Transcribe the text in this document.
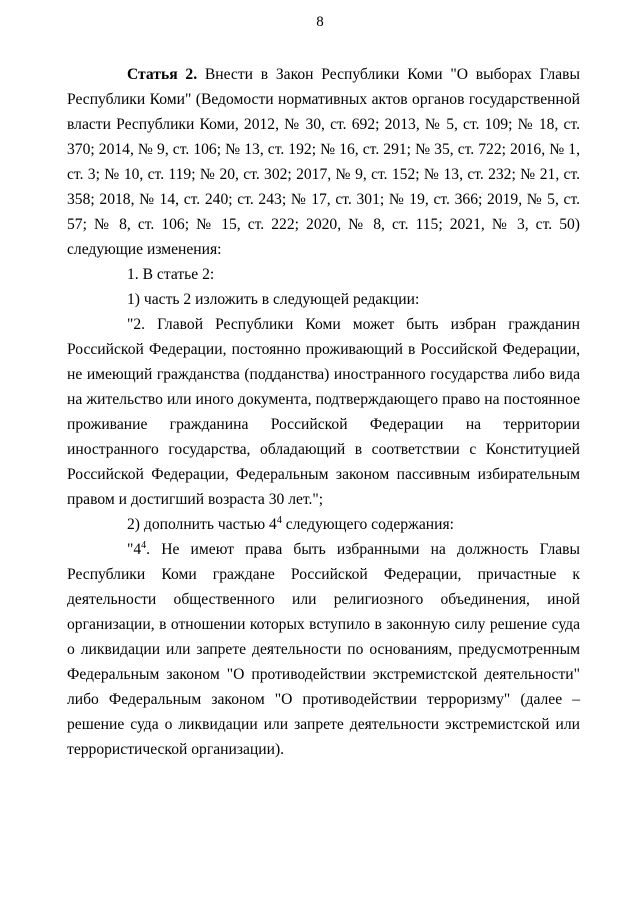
8

Статья 2. Внести в Закон Республики Коми "О выборах Главы Республики Коми" (Ведомости нормативных актов органов государственной власти Республики Коми, 2012, № 30, ст. 692; 2013, № 5, ст. 109; № 18, ст. 370; 2014, № 9, ст. 106; № 13, ст. 192; № 16, ст. 291; № 35, ст. 722; 2016, № 1, ст. 3; № 10, ст. 119; № 20, ст. 302; 2017, № 9, ст. 152; № 13, ст. 232; № 21, ст. 358; 2018, № 14, ст. 240; ст. 243; № 17, ст. 301; № 19, ст. 366; 2019, № 5, ст. 57; № 8, ст. 106; № 15, ст. 222; 2020, № 8, ст. 115; 2021, № 3, ст. 50) следующие изменения:

1. В статье 2:

1) часть 2 изложить в следующей редакции:

"2. Главой Республики Коми может быть избран гражданин Российской Федерации, постоянно проживающий в Российской Федерации, не имеющий гражданства (подданства) иностранного государства либо вида на жительство или иного документа, подтверждающего право на постоянное проживание гражданина Российской Федерации на территории иностранного государства, обладающий в соответствии с Конституцией Российской Федерации, Федеральным законом пассивным избирательным правом и достигший возраста 30 лет.";

2) дополнить частью $4^4$ следующего содержания:

"$4^4$. Не имеют права быть избранными на должность Главы Республики Коми граждане Российской Федерации, причастные к деятельности общественного или религиозного объединения, иной организации, в отношении которых вступило в законную силу решение суда о ликвидации или запрете деятельности по основаниям, предусмотренным Федеральным законом "О противодействии экстремистской деятельности" либо Федеральным законом "О противодействии терроризму" (далее – решение суда о ликвидации или запрете деятельности экстремистской или террористической организации).
